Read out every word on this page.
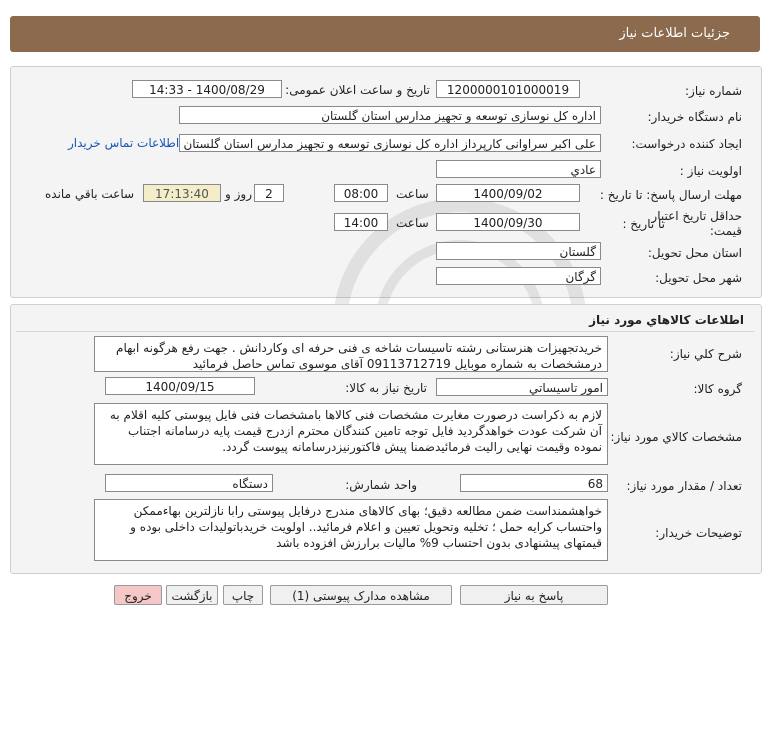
جزئیات اطلاعات نیاز
شماره نیاز:
1200000101000019
تاریخ و ساعت اعلان عمومی:
1400/08/29 - 14:33
نام دستگاه خریدار:
اداره کل نوسازی توسعه و تجهیز مدارس استان گلستان
ایجاد کننده درخواست:
علی اکبر سراوانی کارپرداز اداره کل نوسازی توسعه و تجهیز مدارس استان گلستان
اطلاعات تماس خریدار
اولویت نیاز :
عادي
مهلت ارسال پاسخ: تا تاریخ :
1400/09/02
ساعت
08:00
2
روز و
17:13:40
ساعت باقي مانده
حداقل تاریخ اعتبار
قیمت:
تا تاریخ :
1400/09/30
ساعت
14:00
استان محل تحویل:
گلستان
شهر محل تحویل:
گرگان
اطلاعات کالاهاي مورد نياز
شرح کلي نياز:
خریدتجهیزات هنرستانی رشته تاسیسات شاخه ی فنی حرفه ای وکاردانش . جهت رفع هرگونه ابهام درمشخصات به شماره موبایل 09113712719 آقای موسوی تماس حاصل فرمائید
گروه کالا:
امور تاسیساتي
تاریخ نیاز به کالا:
1400/09/15
مشخصات کالاي مورد نياز:
لازم به ذکراست درصورت مغایرت مشخصات فنی کالاها بامشخصات فنی فایل پیوستی کلیه اقلام به آن شرکت عودت خواهدگردید فایل توجه تامین کنندگان محترم ازدرج قیمت پایه درسامانه اجتناب نموده وقیمت نهایی رالیت فرمائیدضمنا پیش فاکتورنیزدرسامانه پیوست گردد.
تعداد / مقدار مورد نیاز:
68
واحد شمارش:
دستگاه
توضیحات خریدار:
خواهشمنداست ضمن مطالعه دقیق؛ بهای کالاهای مندرج درفایل پیوستی رابا نازلترین بهاءممکن واحتساب کرایه حمل ؛ تخلیه وتحویل تعیین و اعلام فرمائید.. اولویت خریدباتولیدات داخلی بوده و قیمتهای پیشنهادی بدون احتساب 9% مالیات برارزش افزوده باشد
پاسخ به نیاز
مشاهده مدارک پیوستی (1)
چاپ
بازگشت
خروج
